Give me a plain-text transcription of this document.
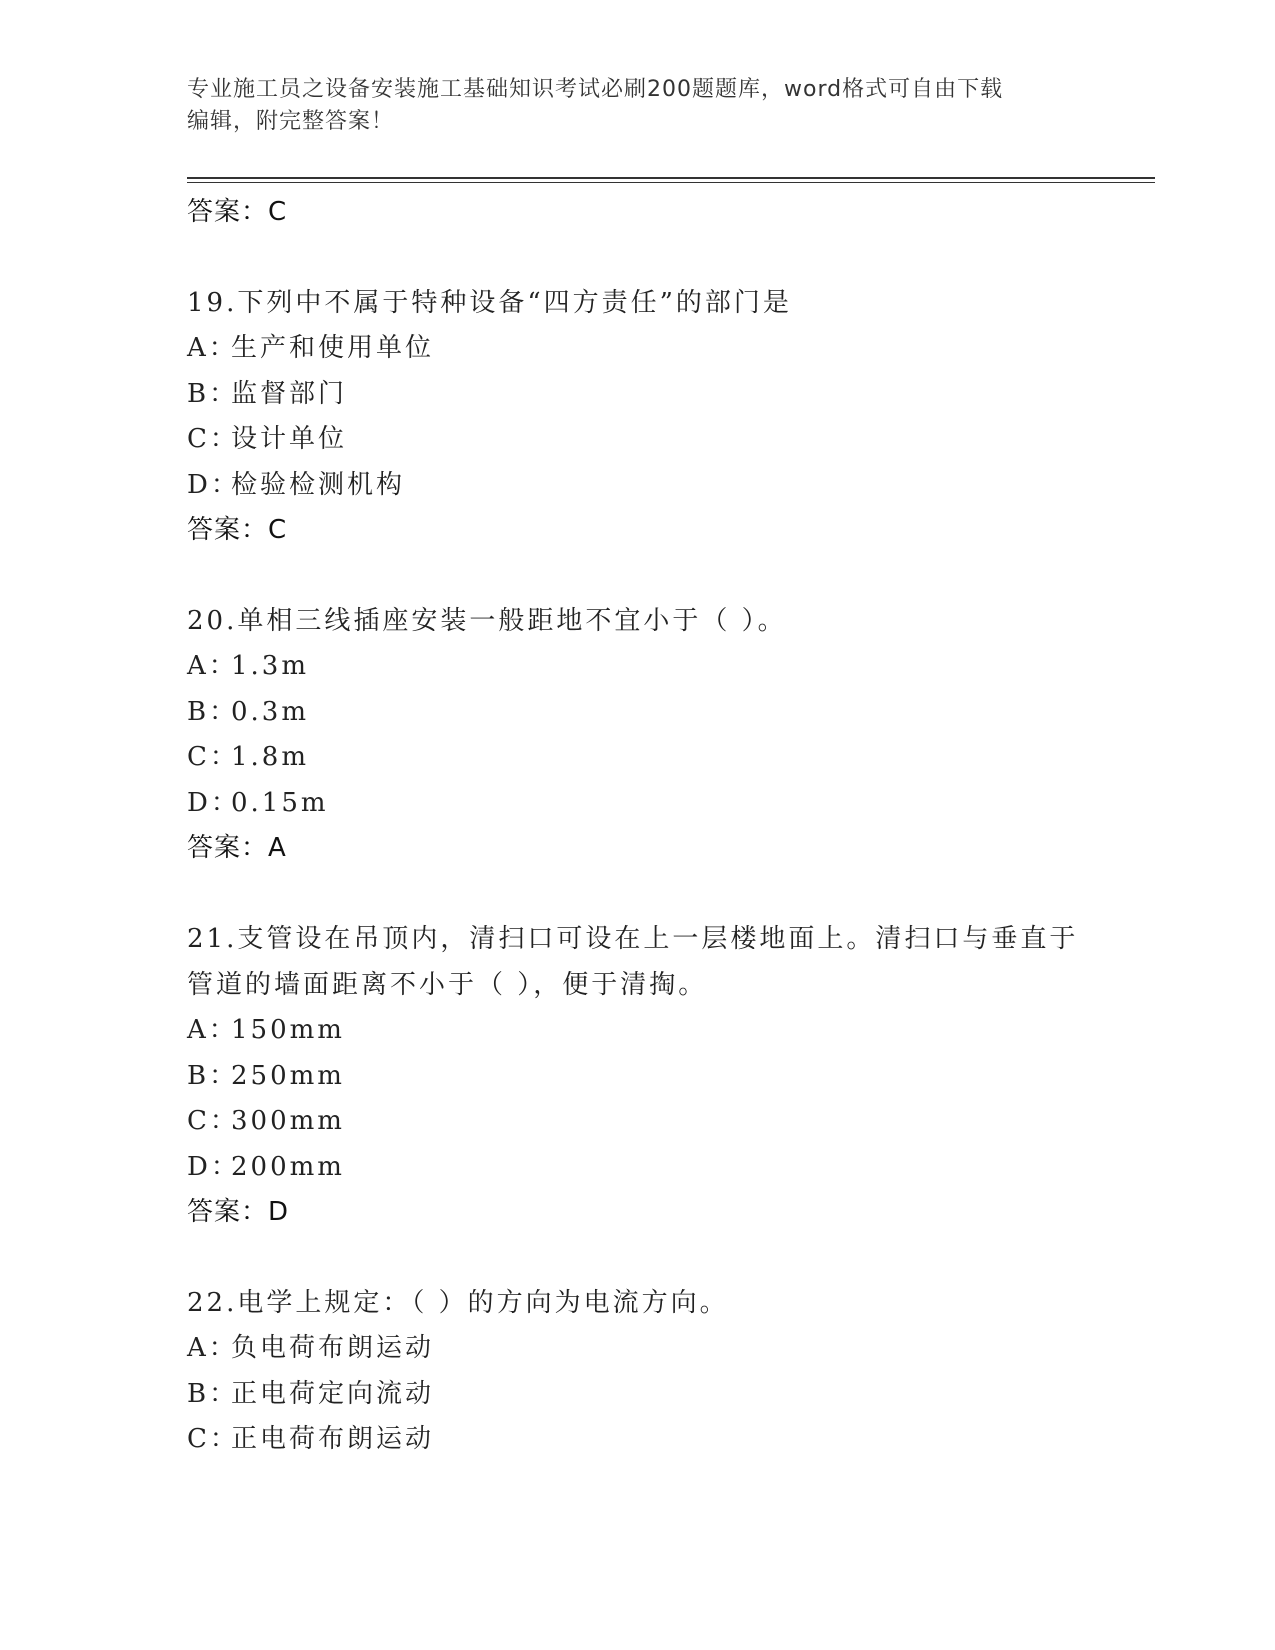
专业施工员之设备安装施工基础知识考试必刷200题题库，word格式可自由下载
编辑，附完整答案！
答案：C
19.下列中不属于特种设备“四方责任”的部门是
A：生产和使用单位
B：监督部门
C：设计单位
D：检验检测机构
答案：C
20.单相三线插座安装一般距地不宜小于（ ）。
A：1.3m
B：0.3m
C：1.8m
D：0.15m
答案：A
21.支管设在吊顶内，清扫口可设在上一层楼地面上。清扫口与垂直于管道的墙面距离不小于（ ），便于清掏。
A：150mm
B：250mm
C：300mm
D：200mm
答案：D
22.电学上规定：（ ）的方向为电流方向。
A：负电荷布朗运动
B：正电荷定向流动
C：正电荷布朗运动
